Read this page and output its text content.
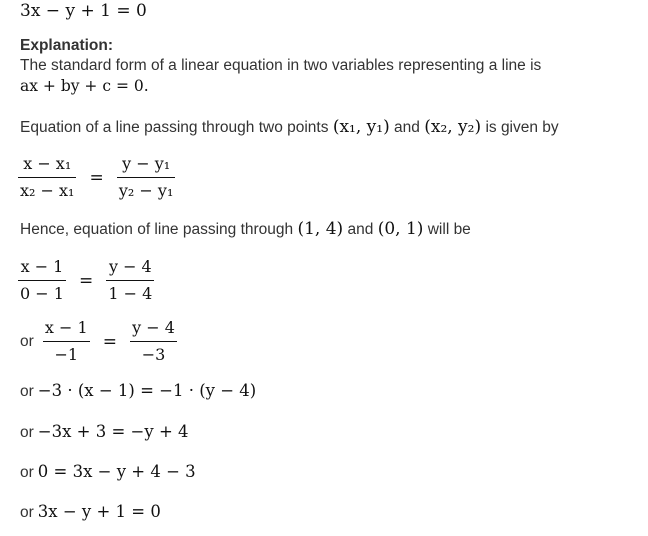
3x − y + 1 = 0
Explanation:
The standard form of a linear equation in two variables representing a line is
ax + by + c = 0.
Equation of a line passing through two points (x₁, y₁) and (x₂, y₂) is given by
$\frac{\text{x − x₁}}{\text{x₂ − x₁}} = \frac{\text{y − y₁}}{\text{y₂ − y₁}}$
Hence, equation of line passing through (1, 4) and (0, 1) will be
$\frac{x - 1}{0 - 1} = \frac{y - 4}{1 - 4}$
or $\frac{x - 1}{-1} = \frac{y - 4}{-3}$
or −3 · (x − 1) = −1 · (y − 4)
or −3x + 3 = −y + 4
or 0 = 3x − y + 4 − 3
or 3x − y + 1 = 0
